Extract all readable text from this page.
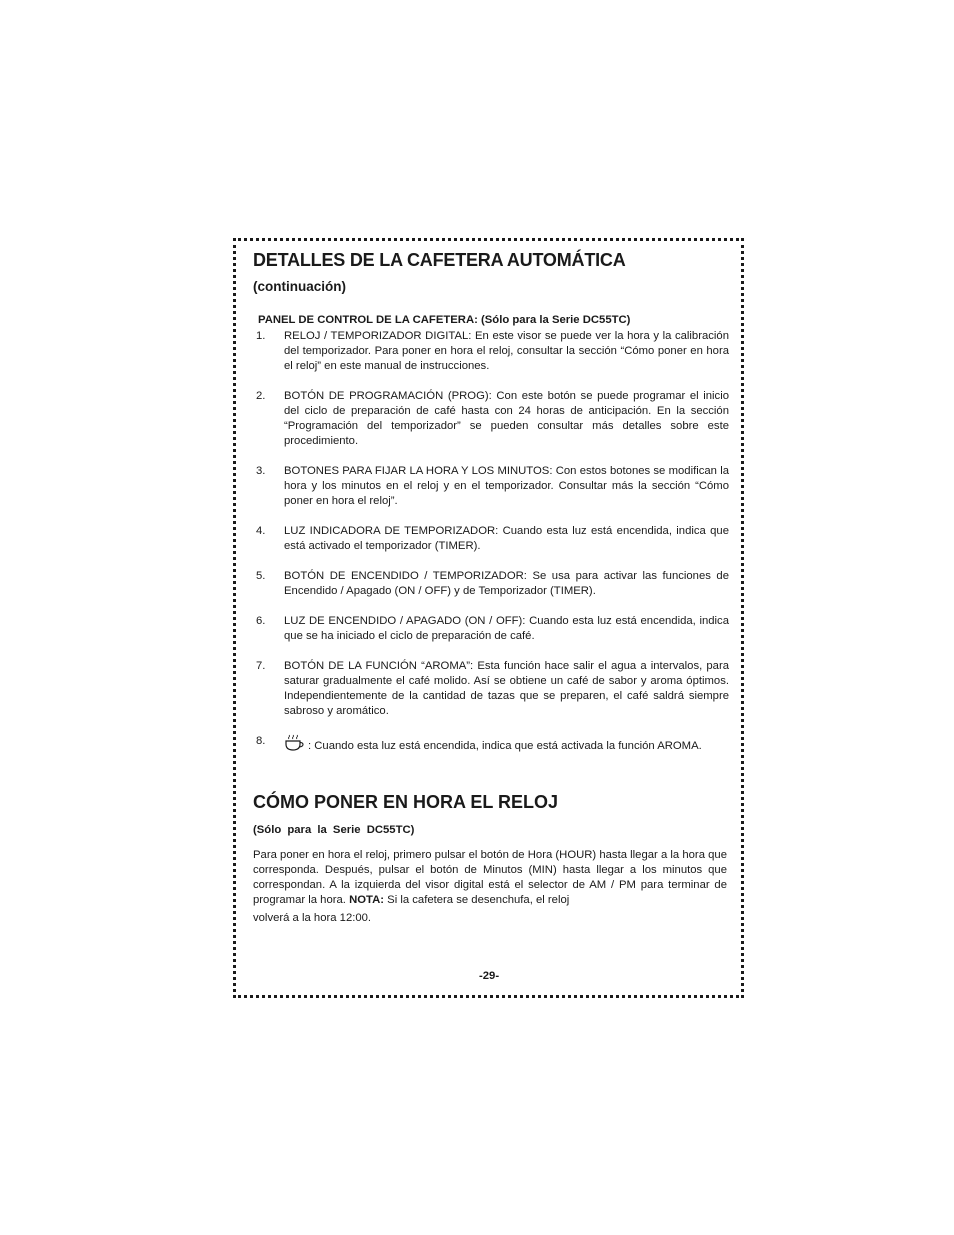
DETALLES DE LA CAFETERA AUTOMÁTICA
(continuación)
PANEL DE CONTROL DE LA CAFETERA: (Sólo para la Serie DC55TC)
1.	RELOJ / TEMPORIZADOR DIGITAL: En este visor se puede ver la hora y la calibración del temporizador. Para poner en hora el reloj, consultar la sección “Cómo poner en hora el reloj” en este manual de instrucciones.
2.	BOTÓN DE PROGRAMACIÓN (PROG): Con este botón se puede programar el inicio del ciclo de preparación de café hasta con 24 horas de anticipación. En la sección “Programación del temporizador” se pueden consultar más detalles sobre este procedimiento.
3.	BOTONES PARA FIJAR LA HORA Y LOS MINUTOS: Con estos botones se modifican la hora y los minutos en el reloj y en el temporizador. Consultar más la sección “Cómo poner en hora el reloj”.
4.	LUZ INDICADORA DE TEMPORIZADOR: Cuando esta luz está encendida, indica que está activado el temporizador (TIMER).
5.	BOTÓN DE ENCENDIDO / TEMPORIZADOR: Se usa para activar las funciones de Encendido / Apagado (ON / OFF) y de Temporizador (TIMER).
6.	LUZ DE ENCENDIDO / APAGADO (ON / OFF): Cuando esta luz está encendida, indica que se ha iniciado el ciclo de preparación de café.
7.	BOTÓN DE LA FUNCIÓN “AROMA”: Esta función hace salir el agua a intervalos, para saturar gradualmente el café molido. Así se obtiene un café de sabor y aroma óptimos. Independientemente de la cantidad de tazas que se preparen, el café saldrá siempre sabroso y aromático.
8.	: Cuando esta luz está encendida, indica que está activada la función AROMA.
CÓMO PONER EN HORA EL RELOJ
(Sólo para la Serie DC55TC)
Para poner en hora el reloj, primero pulsar el botón de Hora (HOUR) hasta llegar a la hora que corresponda. Después, pulsar el botón de Minutos (MIN) hasta llegar a los minutos que correspondan. A la izquierda del visor digital está el selector de AM / PM para terminar de programar la hora. NOTA: Si la cafetera se desenchufa, el reloj
volverá a la hora 12:00.
-29-
